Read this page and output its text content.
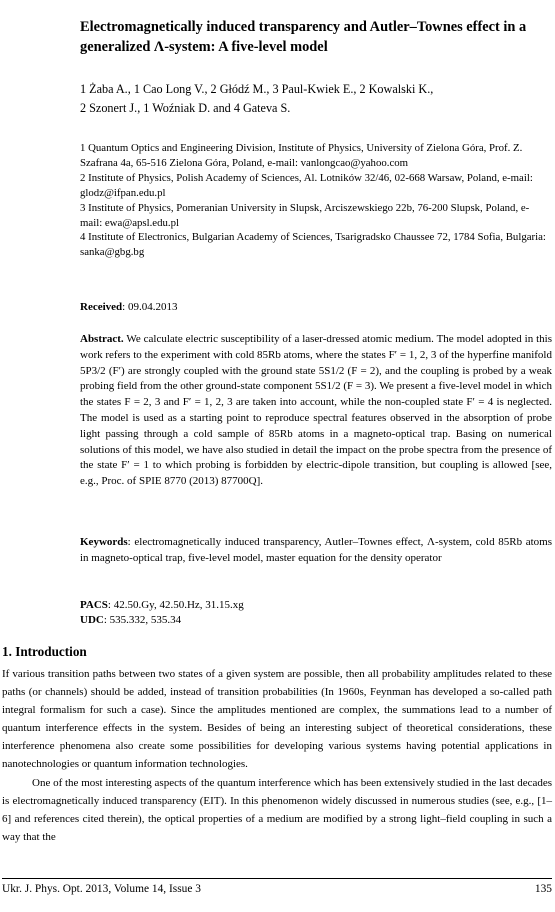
Electromagnetically induced transparency and Autler–Townes effect in a generalized Λ-system: A five-level model
1 Żaba A., 1 Cao Long V., 2 Głódź M., 3 Paul-Kwiek E., 2 Kowalski K.,
2 Szonert J., 1 Woźniak D. and 4 Gateva S.
1 Quantum Optics and Engineering Division, Institute of Physics, University of Zielona Góra, Prof. Z. Szafrana 4a, 65-516 Zielona Góra, Poland, e-mail: vanlongcao@yahoo.com
2 Institute of Physics, Polish Academy of Sciences, Al. Lotników 32/46, 02-668 Warsaw, Poland, e-mail: glodz@ifpan.edu.pl
3 Institute of Physics, Pomeranian University in Slupsk, Arciszewskiego 22b, 76-200 Slupsk, Poland, e-mail: ewa@apsl.edu.pl
4 Institute of Electronics, Bulgarian Academy of Sciences, Tsarigradsko Chaussee 72, 1784 Sofia, Bulgaria: sanka@gbg.bg
Received: 09.04.2013
Abstract. We calculate electric susceptibility of a laser-dressed atomic medium. The model adopted in this work refers to the experiment with cold 85Rb atoms, where the states F′ = 1, 2, 3 of the hyperfine manifold 5P3/2 (F′) are strongly coupled with the ground state 5S1/2 (F = 2), and the coupling is probed by a weak probing field from the other ground-state component 5S1/2 (F = 3). We present a five-level model in which the states F = 2, 3 and F′ = 1, 2, 3 are taken into account, while the non-coupled state F′ = 4 is neglected. The model is used as a starting point to reproduce spectral features observed in the absorption of probe light passing through a cold sample of 85Rb atoms in a magneto-optical trap. Basing on numerical solutions of this model, we have also studied in detail the impact on the probe spectra from the presence of the state F′ = 1 to which probing is forbidden by electric-dipole transition, but coupling is allowed [see, e.g., Proc. of SPIE 8770 (2013) 87700Q].
Keywords: electromagnetically induced transparency, Autler–Townes effect, Λ-system, cold 85Rb atoms in magneto-optical trap, five-level model, master equation for the density operator
PACS: 42.50.Gy, 42.50.Hz, 31.15.xg
UDC: 535.332, 535.34
1. Introduction

If various transition paths between two states of a given system are possible, then all probability amplitudes related to these paths (or channels) should be added, instead of transition probabilities (In 1960s, Feynman has developed a so-called path integral formalism for such a case). Since the amplitudes mentioned are complex, the summations lead to a number of quantum interference effects in the system. Besides of being an interesting subject of theoretical considerations, these interference phenomena also create some possibilities for developing various systems having potential applications in nanotechnologies or quantum information technologies.

One of the most interesting aspects of the quantum interference which has been extensively studied in the last decades is electromagnetically induced transparency (EIT). In this phenomenon widely discussed in numerous studies (see, e.g., [1–6] and references cited therein), the optical properties of a medium are modified by a strong light–field coupling in such a way that the

Ukr. J. Phys. Opt. 2013, Volume 14, Issue 3	135
